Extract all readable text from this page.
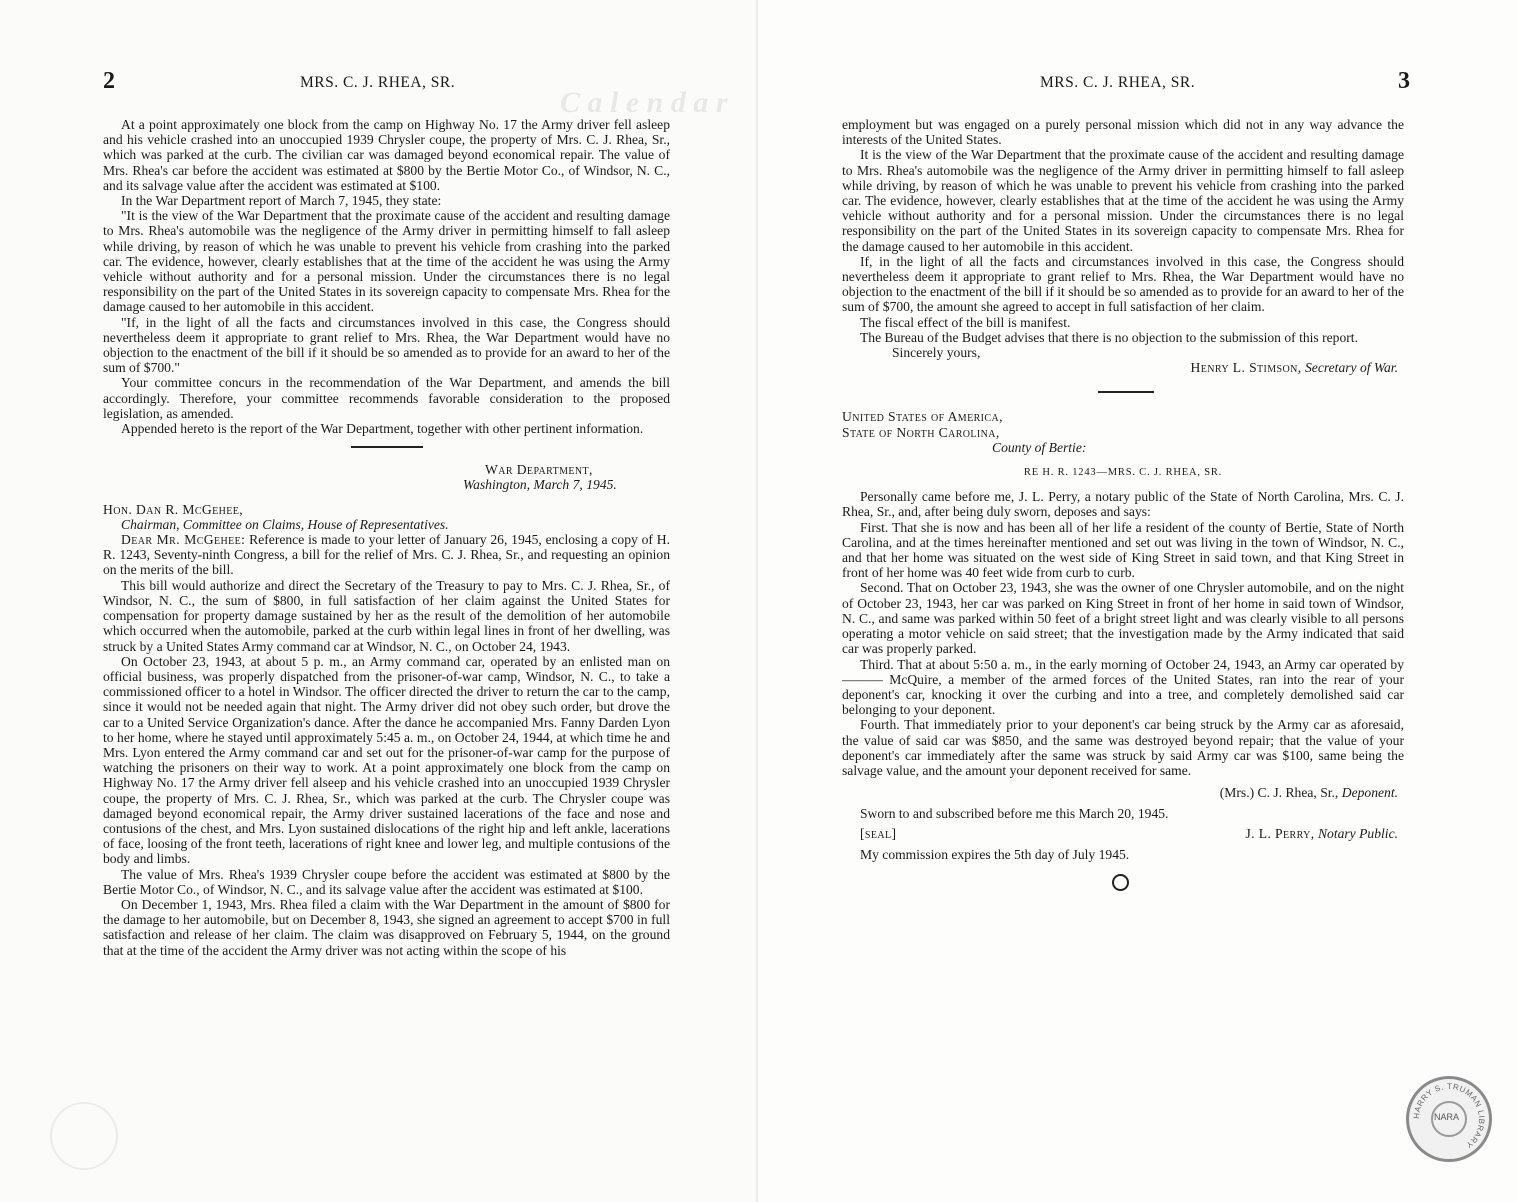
C a l e n d a r
2	MRS. C. J. RHEA, SR.

At a point approximately one block from the camp on Highway No. 17 the Army driver fell asleep and his vehicle crashed into an unoccupied 1939 Chrysler coupe, the property of Mrs. C. J. Rhea, Sr., which was parked at the curb. The civilian car was damaged beyond economical repair. The value of Mrs. Rhea's car before the accident was estimated at $800 by the Bertie Motor Co., of Windsor, N. C., and its salvage value after the accident was estimated at $100.

In the War Department report of March 7, 1945, they state:

"It is the view of the War Department that the proximate cause of the accident and resulting damage to Mrs. Rhea's automobile was the negligence of the Army driver in permitting himself to fall asleep while driving, by reason of which he was unable to prevent his vehicle from crashing into the parked car. The evidence, however, clearly establishes that at the time of the accident he was using the Army vehicle without authority and for a personal mission. Under the circumstances there is no legal responsibility on the part of the United States in its sovereign capacity to compensate Mrs. Rhea for the damage caused to her automobile in this accident.

"If, in the light of all the facts and circumstances involved in this case, the Congress should nevertheless deem it appropriate to grant relief to Mrs. Rhea, the War Department would have no objection to the enactment of the bill if it should be so amended as to provide for an award to her of the sum of $700."

Your committee concurs in the recommendation of the War Department, and amends the bill accordingly. Therefore, your committee recommends favorable consideration to the proposed legislation, as amended.

Appended hereto is the report of the War Department, together with other pertinent information.

War Department,
Washington, March 7, 1945.
Hon. Dan R. McGehee,
Chairman, Committee on Claims, House of Representatives.

Dear Mr. McGehee: Reference is made to your letter of January 26, 1945, enclosing a copy of H. R. 1243, Seventy-ninth Congress, a bill for the relief of Mrs. C. J. Rhea, Sr., and requesting an opinion on the merits of the bill.

This bill would authorize and direct the Secretary of the Treasury to pay to Mrs. C. J. Rhea, Sr., of Windsor, N. C., the sum of $800, in full satisfaction of her claim against the United States for compensation for property damage sustained by her as the result of the demolition of her automobile which occurred when the automobile, parked at the curb within legal lines in front of her dwelling, was struck by a United States Army command car at Windsor, N. C., on October 24, 1943.

On October 23, 1943, at about 5 p. m., an Army command car, operated by an enlisted man on official business, was properly dispatched from the prisoner-of-war camp, Windsor, N. C., to take a commissioned officer to a hotel in Windsor. The officer directed the driver to return the car to the camp, since it would not be needed again that night. The Army driver did not obey such order, but drove the car to a United Service Organization's dance. After the dance he accompanied Mrs. Fanny Darden Lyon to her home, where he stayed until approximately 5:45 a. m., on October 24, 1944, at which time he and Mrs. Lyon entered the Army command car and set out for the prisoner-of-war camp for the purpose of watching the prisoners on their way to work. At a point approximately one block from the camp on Highway No. 17 the Army driver fell alseep and his vehicle crashed into an unoccupied 1939 Chrysler coupe, the property of Mrs. C. J. Rhea, Sr., which was parked at the curb. The Chrysler coupe was damaged beyond economical repair, the Army driver sustained lacerations of the face and nose and contusions of the chest, and Mrs. Lyon sustained dislocations of the right hip and left ankle, lacerations of face, loosing of the front teeth, lacerations of right knee and lower leg, and multiple contusions of the body and limbs.

The value of Mrs. Rhea's 1939 Chrysler coupe before the accident was estimated at $800 by the Bertie Motor Co., of Windsor, N. C., and its salvage value after the accident was estimated at $100.

On December 1, 1943, Mrs. Rhea filed a claim with the War Department in the amount of $800 for the damage to her automobile, but on December 8, 1943, she signed an agreement to accept $700 in full satisfaction and release of her claim. The claim was disapproved on February 5, 1944, on the ground that at the time of the accident the Army driver was not acting within the scope of his

3
MRS. C. J. RHEA, SR.

employment but was engaged on a purely personal mission which did not in any way advance the interests of the United States.

It is the view of the War Department that the proximate cause of the accident and resulting damage to Mrs. Rhea's automobile was the negligence of the Army driver in permitting himself to fall asleep while driving, by reason of which he was unable to prevent his vehicle from crashing into the parked car. The evidence, however, clearly establishes that at the time of the accident he was using the Army vehicle without authority and for a personal mission. Under the circumstances there is no legal responsibility on the part of the United States in its sovereign capacity to compensate Mrs. Rhea for the damage caused to her automobile in this accident.

If, in the light of all the facts and circumstances involved in this case, the Congress should nevertheless deem it appropriate to grant relief to Mrs. Rhea, the War Department would have no objection to the enactment of the bill if it should be so amended as to provide for an award to her of the sum of $700, the amount she agreed to accept in full satisfaction of her claim.

The fiscal effect of the bill is manifest.

The Bureau of the Budget advises that there is no objection to the submission of this report.

Sincerely yours,
Henry L. Stimson, Secretary of War.
United States of America,
State of North Carolina,
County of Bertie:
RE H. R. 1243—MRS. C. J. RHEA, SR.

Personally came before me, J. L. Perry, a notary public of the State of North Carolina, Mrs. C. J. Rhea, Sr., and, after being duly sworn, deposes and says:

First. That she is now and has been all of her life a resident of the county of Bertie, State of North Carolina, and at the times hereinafter mentioned and set out was living in the town of Windsor, N. C., and that her home was situated on the west side of King Street in said town, and that King Street in front of her home was 40 feet wide from curb to curb.

Second. That on October 23, 1943, she was the owner of one Chrysler automobile, and on the night of October 23, 1943, her car was parked on King Street in front of her home in said town of Windsor, N. C., and same was parked within 50 feet of a bright street light and was clearly visible to all persons operating a motor vehicle on said street; that the investigation made by the Army indicated that said car was properly parked.

Third. That at about 5:50 a. m., in the early morning of October 24, 1943, an Army car operated by ——— McQuire, a member of the armed forces of the United States, ran into the rear of your deponent's car, knocking it over the curbing and into a tree, and completely demolished said car belonging to your deponent.

Fourth. That immediately prior to your deponent's car being struck by the Army car as aforesaid, the value of said car was $850, and the same was destroyed beyond repair; that the value of your deponent's car immediately after the same was struck by said Army car was $100, same being the salvage value, and the amount your deponent received for same.

(Mrs.) C. J. Rhea, Sr., Deponent.
Sworn to and subscribed before me this March 20, 1945.
[seal]	J. L. Perry, Notary Public.
My commission expires the 5th day of July 1945.
HARRY S. TRUMAN LIBRARY
NARA
